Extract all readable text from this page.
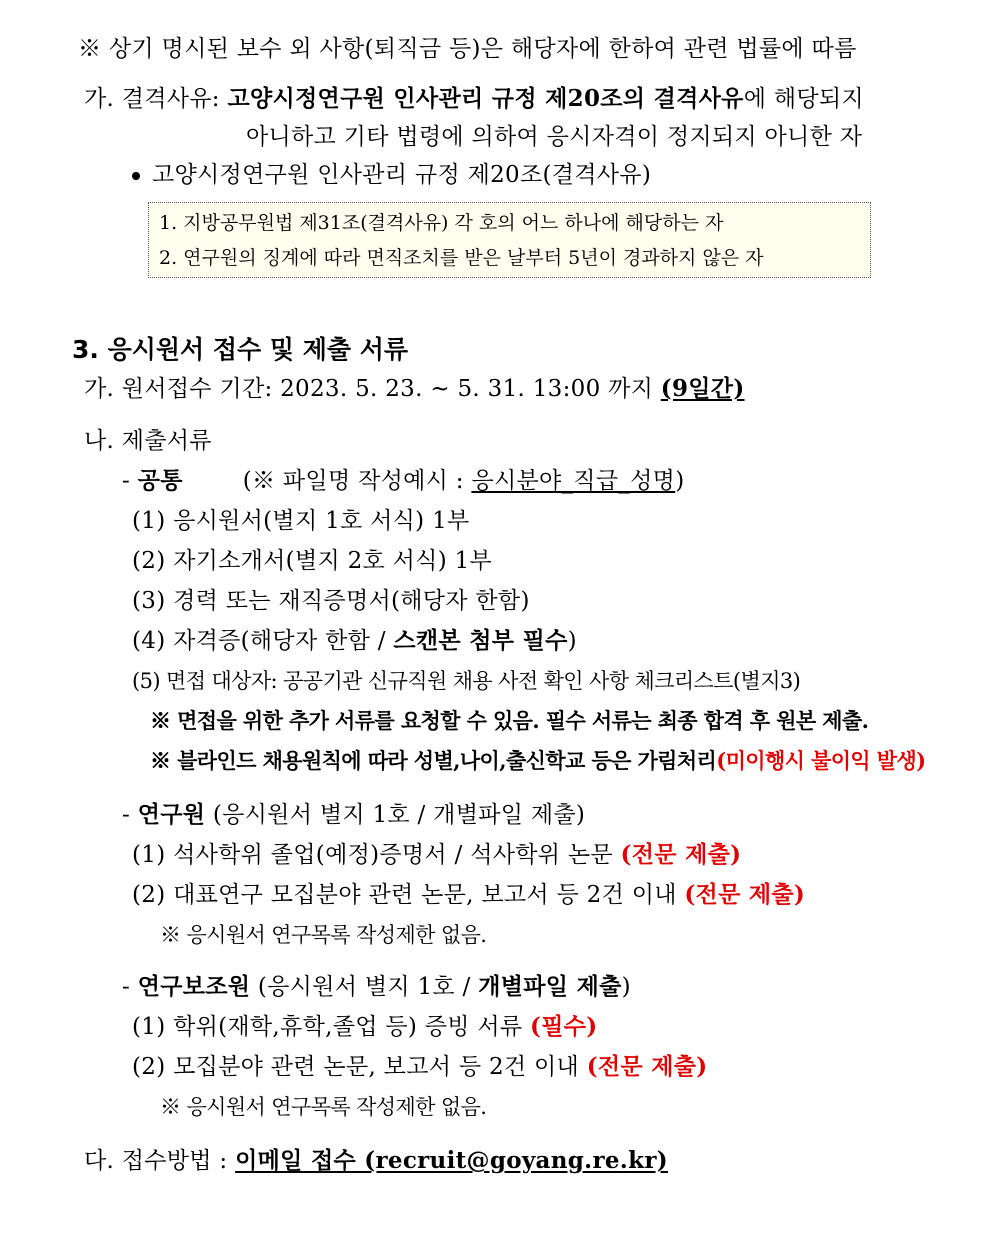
※ 상기 명시된 보수 외 사항(퇴직금 등)은 해당자에 한하여 관련 법률에 따름
가. 결격사유: 고양시정연구원 인사관리 규정 제20조의 결격사유에 해당되지
아니하고 기타 법령에 의하여 응시자격이 정지되지 아니한 자
고양시정연구원 인사관리 규정 제20조(결격사유)
1. 지방공무원법 제31조(결격사유) 각 호의 어느 하나에 해당하는 자
2. 연구원의 징계에 따라 면직조치를 받은 날부터 5년이 경과하지 않은 자
3. 응시원서 접수 및 제출 서류
가. 원서접수 기간: 2023. 5. 23. ~ 5. 31. 13:00 까지 (9일간)
나. 제출서류
- 공통	(※ 파일명 작성예시 : 응시분야_직급_성명)
(1) 응시원서(별지 1호 서식) 1부
(2) 자기소개서(별지 2호 서식) 1부
(3) 경력 또는 재직증명서(해당자 한함)
(4) 자격증(해당자 한함 / 스캔본 첨부 필수)
(5) 면접 대상자: 공공기관 신규직원 채용 사전 확인 사항 체크리스트(별지3)
※ 면접을 위한 추가 서류를 요청할 수 있음. 필수 서류는 최종 합격 후 원본 제출.
※ 블라인드 채용원칙에 따라 성별,나이,출신학교 등은 가림처리(미이행시 불이익 발생)
- 연구원 (응시원서 별지 1호 / 개별파일 제출)
(1) 석사학위 졸업(예정)증명서 / 석사학위 논문 (전문 제출)
(2) 대표연구 모집분야 관련 논문, 보고서 등 2건 이내 (전문 제출)
※ 응시원서 연구목록 작성제한 없음.
- 연구보조원 (응시원서 별지 1호 / 개별파일 제출)
(1) 학위(재학,휴학,졸업 등) 증빙 서류 (필수)
(2) 모집분야 관련 논문, 보고서 등 2건 이내 (전문 제출)
※ 응시원서 연구목록 작성제한 없음.
다. 접수방법 : 이메일 접수 (recruit@goyang.re.kr)
